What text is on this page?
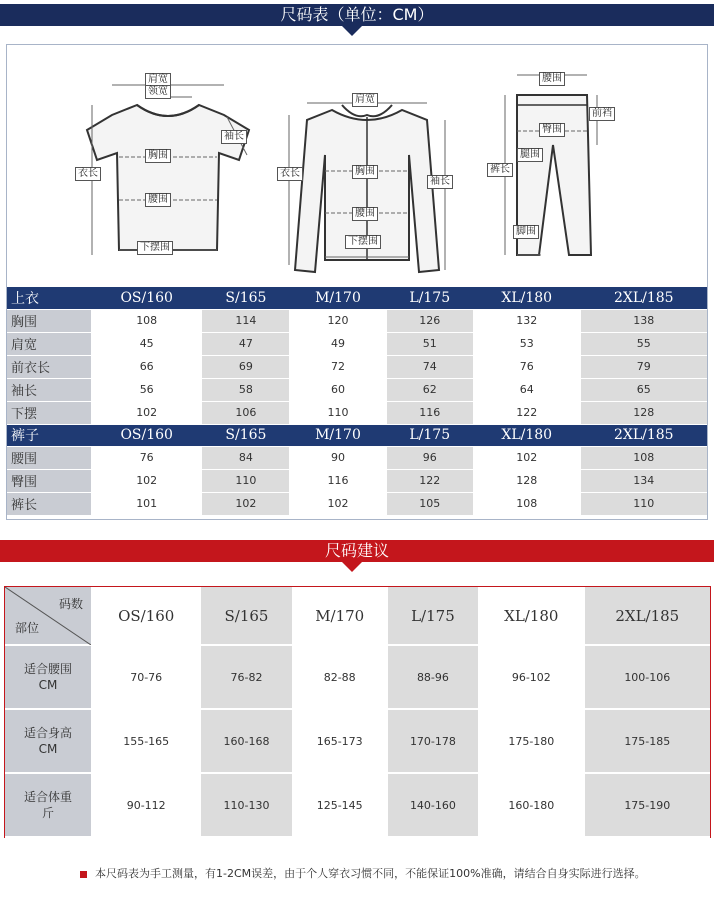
尺码表（单位：CM）
肩宽
领宽
袖长
胸围
衣长
腰围
下摆围
肩宽
胸围
衣长
袖长
腰围
下摆围
腰围
前裆
臀围
腿围
裤长
脚围
上衣	OS/160	S/165	M/170	L/175	XL/180	2XL/185
胸围	108	114	120	126	132	138
肩宽	45	47	49	51	53	55
前衣长	66	69	72	74	76	79
袖长	56	58	60	62	64	65
下摆	102	106	110	116	122	128
裤子	OS/160	S/165	M/170	L/175	XL/180	2XL/185
腰围	76	84	90	96	102	108
臀围	102	110	116	122	128	134
裤长	101	102	102	105	108	110
尺码建议
码数
部位	OS/160	S/165	M/170	L/175	XL/180	2XL/185
适合腰围
CM	70-76	76-82	82-88	88-96	96-102	100-106
适合身高
CM	155-165	160-168	165-173	170-178	175-180	175-185
适合体重
斤	90-112	110-130	125-145	140-160	160-180	175-190
本尺码表为手工测量，有1-2CM误差，由于个人穿衣习惯不同，不能保证100%准确，请结合自身实际进行选择。
